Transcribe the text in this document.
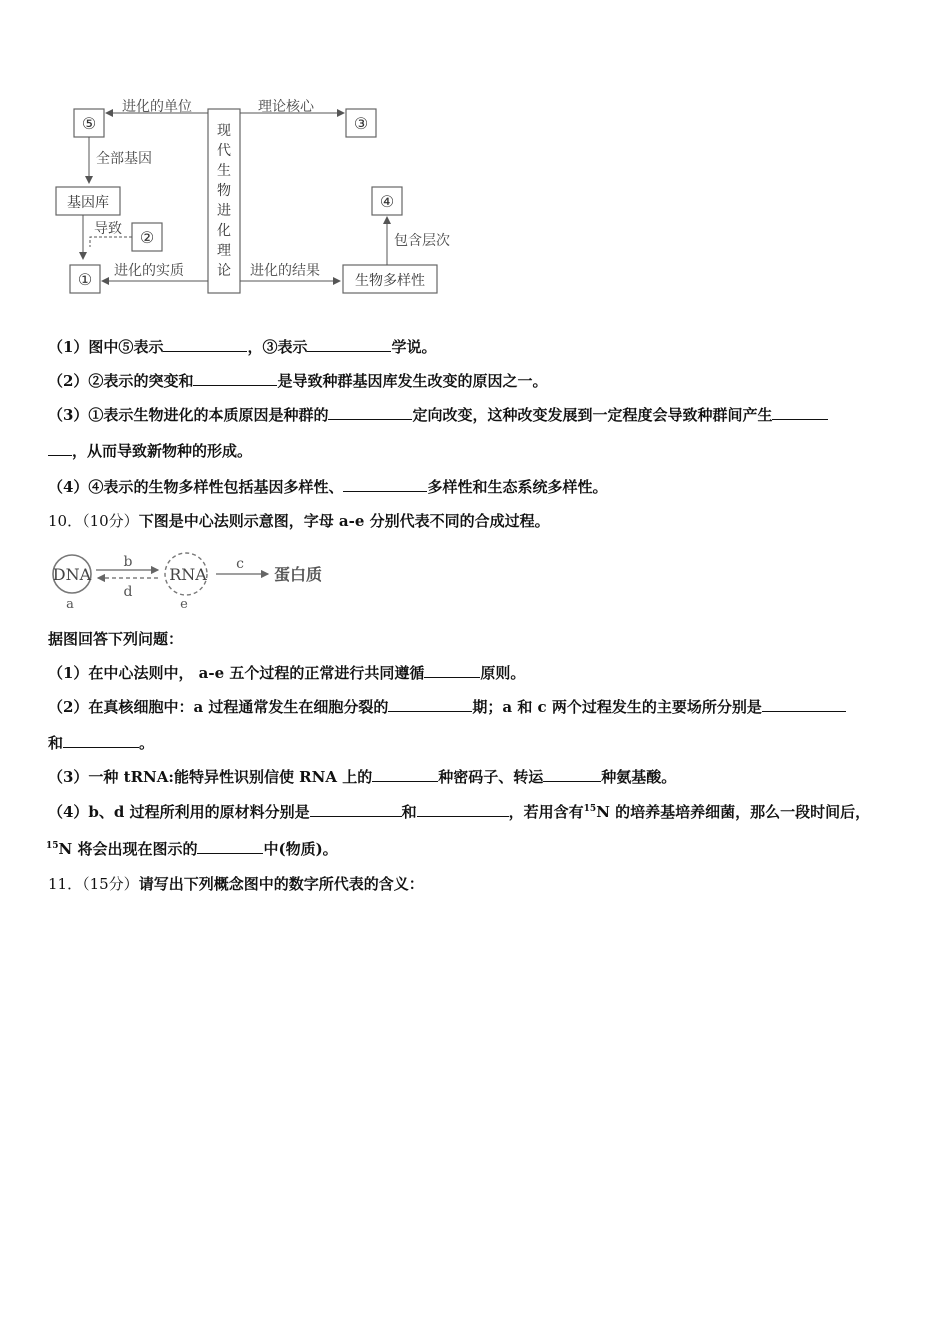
⑤	③
现
代
生
物
进
化
理
论
进化的单位	理论核心
全部基因
基因库
②
导致
① 进化的实质	进化的结果
生物多样性
④
包含层次
（1）图中⑤表示	，③表示	学说。
（2）②表示的突变和	是导致种群基因库发生改变的原因之一。
（3）①表示生物进化的本质原因是种群的	定向改变，这种改变发展到一定程度会导致种群间产生
，从而导致新物种的形成。
（4）④表示的生物多样性包括基因多样性、	多样性和生态系统多样性。
10．（10分）下图是中心法则示意图，字母 a-e 分别代表不同的合成过程。
DNA
a
b
d
RNA
e
c
蛋白质
据图回答下列问题：
（1）在中心法则中， a-e 五个过程的正常进行共同遵循	原则。
（2）在真核细胞中：a 过程通常发生在细胞分裂的	期；a 和 c 两个过程发生的主要场所分别是
和	。
（3）一种 tRNA:能特异性识别信使 RNA 上的	种密码子、转运	种氨基酸。
（4）b、d 过程所利用的原材料分别是	和	，若用含有$^{15}$N 的培养基培养细菌，那么一段时间后，
$^{15}$N 将会出现在图示的	中(物质)。
11．（15分）请写出下列概念图中的数字所代表的含义：
